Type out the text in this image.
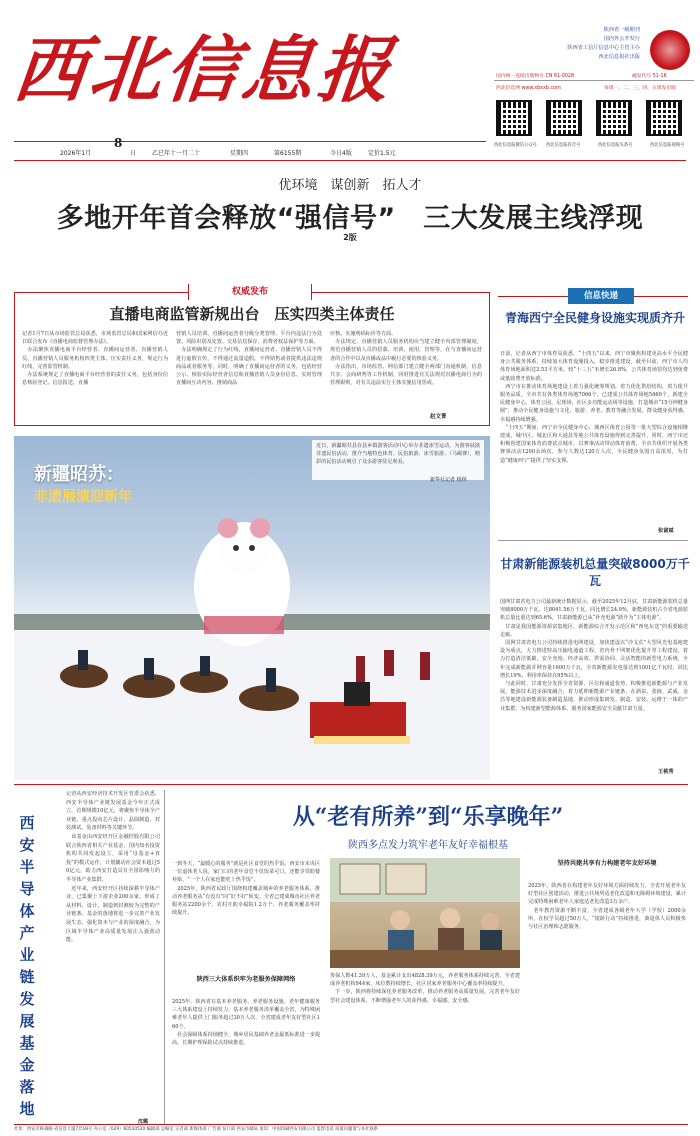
西北信息报	陕西省一级期刊
国内外公开发行
陕西省工信厅信息中心主管主办
西北信息报社出版
国内统一连续出版物号 CN 61-0028	邮发代号 51-16
西北信息网 www.xbxxb.com	每周一、二、三、四、五周发出版
西北信息报微信公众号 西北信息报抖音号	西北信息报头条号	西北信息报视频号
2026年1月
8
日	乙巳年十一月二十	星期四	第6155期	今日4版	定价1.5元
优环境　谋创新　拓人才
多地开年首会释放“强信号”　三大发展主线浮现
2版
权威发布
直播电商监管新规出台　压实四类主体责任
记者1月7日从市场监管总局获悉，市场监管总局和国家网信办近日联合发布《直播电商监督管理办法》。
　办法聚焦直播电商平台经营者、直播间运营者、直播营销人员、直播营销人员服务机构四类主体，压实责任义务，规定行为红线，完善监管机制。
　办法系统规定了直播电商平台经营者的责任义务，包括身份信息核验登记、信息报送、直播
营销人员培训、直播间运营者分级分类管理、平台内违法行为处置、风险识别及处置、交易信息保存、消费者权益保护等方面。
　办法明确规定了行为红线，直播间运营者、直播营销人员不得进行虚假宣传，不得通过流量造假、不得销售或者提供违法违规商品或者服务等。同时，明确了直播间运营者的义务，包括经营公示、核验实际经营者信息和直播营销人员身份信息、实时管理直播间互动内容、推销商品
应核、实施明码标价等方面。
　办法规定，直播营销人员服务机构应当建立健全内部管理制度，规范直播营销人员的招募、培训、使用，管理等，在与直播间运营者的合作中以及直播或品中履行必要的核验义务。
　办法指出，市场监管、网信部门建立健全两部门沟通机制，信息共享、会商研判等工作机制，同时推进有关法规对直播电商行为的管理职则，对有关违法实行主体实施信用惩戒。
赵文菁
新疆昭苏：
非遗展演迎新年
近日，新疆昭苏县在县乡镇游客活动中心举办非遗冰雪运动，为游客展演非遗民俗活动，推介当地特色体育、民俗旅游、冰雪旅游、（马踢赛），精彩的民俗活动吸引了众多游客驻足观看。
新华社记者 杨林
信息快递
青海西宁全民健身设施实现质齐升
日前，记者从西宁市体育局获悉，“十四五”以来，西宁市聚焦构建更高水平全民健身公共服务体系，持续加大体育设施投入，稳步推进建设。截至目前，西宁市人均体育场地面积达2.53平方米，较“十三五”末增长26.8%，公共体育场馆均达到免费或低收费开放标准。
　西宁市在推动体育场地建设上着力强化统筹规划，着力优化供给结构，着力提升服务品质。全市共有各类体育场地7066个，已建成公共体育场地5460个，新建全民健身中心、体育公园、足球场、社区多功能运动场等设施，打造城市“15分钟健身圈”，推动全民健身设施与文化、旅游、养老、教育等融合发展，群众健身获得感、幸福感持续增强。
　“十四五”期间，西宁市全民健身中心，城西区体育公园等一批大型综合设施相继建成，城中区、城北区和大通县等地公共体育设施得到完善提升，同时，西宁市还积极创建国家体育消费试点城市，以赛事活动带动体育消费，全市共组织开展各类赛事活动1200余场次，参与人数达120万人次，全民健身氛围日益浓厚，为打造“健康西宁”提供了坚实支撑。
张富斌
甘肃新能源装机总量突破8000万千瓦
国网甘肃省电力公司最新统计数据显示，截至2025年12月底，甘肃新能源装机总量突破8000万千瓦，达8041.56万千瓦，同比增长24.9%，新能源装机占全省电源装机总量比重达到65.6%，甘肃新能源已从“补充电源”跃升为“主体电源”。
　甘肃是我国能源资源富集地区，新能源综合开发示范区和“西电东送”的重要输送走廊。
　国网甘肃省电力公司持续推进电网建设，加快建设以“沙戈荒”大型风光电基地建设为重点，大力推进特高压输电通道工程、省内骨干网架优化提升等工程建设，着力打造清洁低碳、安全充裕、经济高效、供需协同、灵活智能的新型电力系统，全年完成新能源并网容量1600万千瓦，全省新能源发电量达到1001亿千瓦时，同比增长19%，利用率保持在95%以上。
　与此同时，甘肃充分发挥全省资源、区位和通道优势，积极推进新能源与产业发展、能源技术进步深度融合，着力延伸新能源产业链条，在酒泉、张掖、武威、金昌等地建设新能源装备制造基地，推动形成集研发、制造、安装、运维于一体的产业集群，为构建新型能源体系、服务国家能源安全贡献甘肃力量。
王桃秀
西安半导体产业链发展基金落地
记者从西安经济技术开发区管委会获悉，西安半导体产业链发展基金今年正式成立，首期规模10亿元，将聚焦半导体全产业链，重点投向芯片设计、晶圆制造、封装测试、装备材料等关键环节。
　该基金由西安经开区金融控股有限公司联合陕西省相关产业基金、国内知名投资机构共同发起设立，采用“母基金+直投”的模式运作，计划撬动社会资本超过50亿元，助力西安打造具有全国影响力的半导体产业集群。
　近年来，西安经开区持续深耕半导体产业，已集聚上下游企业200余家，形成了从材料、设计、制造到封测较为完整的产业链条。基金的落地将进一步完善产业发展生态，强化资本与产业的深度融合，为区域半导体产业高质量发展注入强劲动能。
沈璐
从“老有所养”到“乐享晚年”
陕西多点发力筑牢老年友好幸福根基
一到冬天，“最暖心的服务”就是社区食堂的热乎饭。西安市未央区一位退休老人说，家门口的老年食堂不仅饭菜可口，还能享受助餐补贴，“一个人在家也能吃上热乎饭”。
　2025年，陕西省民政厅围绕构建覆盖城乡的养老服务体系，推动养老服务从“有没有”向“好不好”转变。全省已建成城市社区养老服务站2200余个、农村互助幸福院1.2万个，养老服务覆盖率持续提升。
陕西三大体系织牢为老服务保障网络
2025年，陕西省在基本养老服务、养老服务设施、老年健康服务三大体系建设上持续发力，基本养老服务清单覆盖全省，为特殊困难老年人提供上门服务超过30万人次，全省建成老年友好型社区160个。
　社会保障体系持续健全，城乡居民基础养老金最低标准进一步提高，长期护理保险试点持续推进。
参保人数41.39万人，基金累计支出4828.39万元，养老服务体系持续完善，全省建成养老机构944家，床位数持续增长，社区居家养老服务中心覆盖率持续提升。
　下一步，陕西将持续深化养老服务改革，推动养老服务高质量发展，完善老年友好型社会建设体系，不断增强老年人的获得感、幸福感、安全感。
坚持共建共享有力构建老年友好环境
2025年，陕西省在构建老年友好环境方面持续发力，全省开展老年友好型社区创建活动，推进公共场所适老化改造和无障碍环境建设，累计完成特殊困难老年人家庭适老化改造3万余户。
　老年教育资源不断丰富，全省建成各级老年大学（学校）2000余所，在校学员超过50万人，“银龄行动”持续推进，离退休人员积极参与社区治理和志愿服务。
社址：西安市韩森路·省信息大厦7层18号 办公室（029）60510520 编辑部 总编室 记者部 新媒体部 广告部 发行部 西安市邮局 承印：中国印刷西安有限公司 监督电话 质量问题请与本社联系
